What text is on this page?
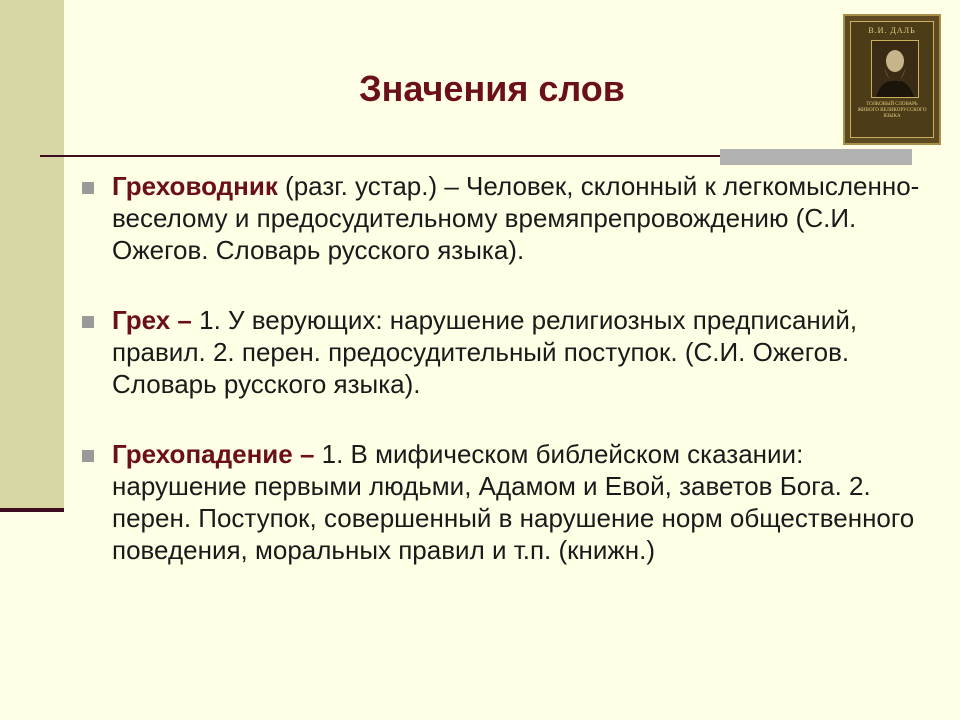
Значения слов
В.И. ДАЛЬ
ТОЛКОВЫЙ СЛОВАРЬ ЖИВОГО ВЕЛИКОРУССКОГО ЯЗЫКА
Греховодник (разг. устар.) – Человек, склонный к легкомысленно-веселому и предосудительному времяпрепровождению (С.И. Ожегов. Словарь русского языка).
Грех – 1. У верующих: нарушение религиозных предписаний, правил. 2. перен. предосудительный поступок. (С.И. Ожегов. Словарь русского языка).
Грехопадение – 1. В мифическом библейском сказании: нарушение первыми людьми, Адамом и Евой, заветов Бога. 2. перен. Поступок, совершенный в нарушение норм общественного поведения, моральных правил и т.п. (книжн.)
